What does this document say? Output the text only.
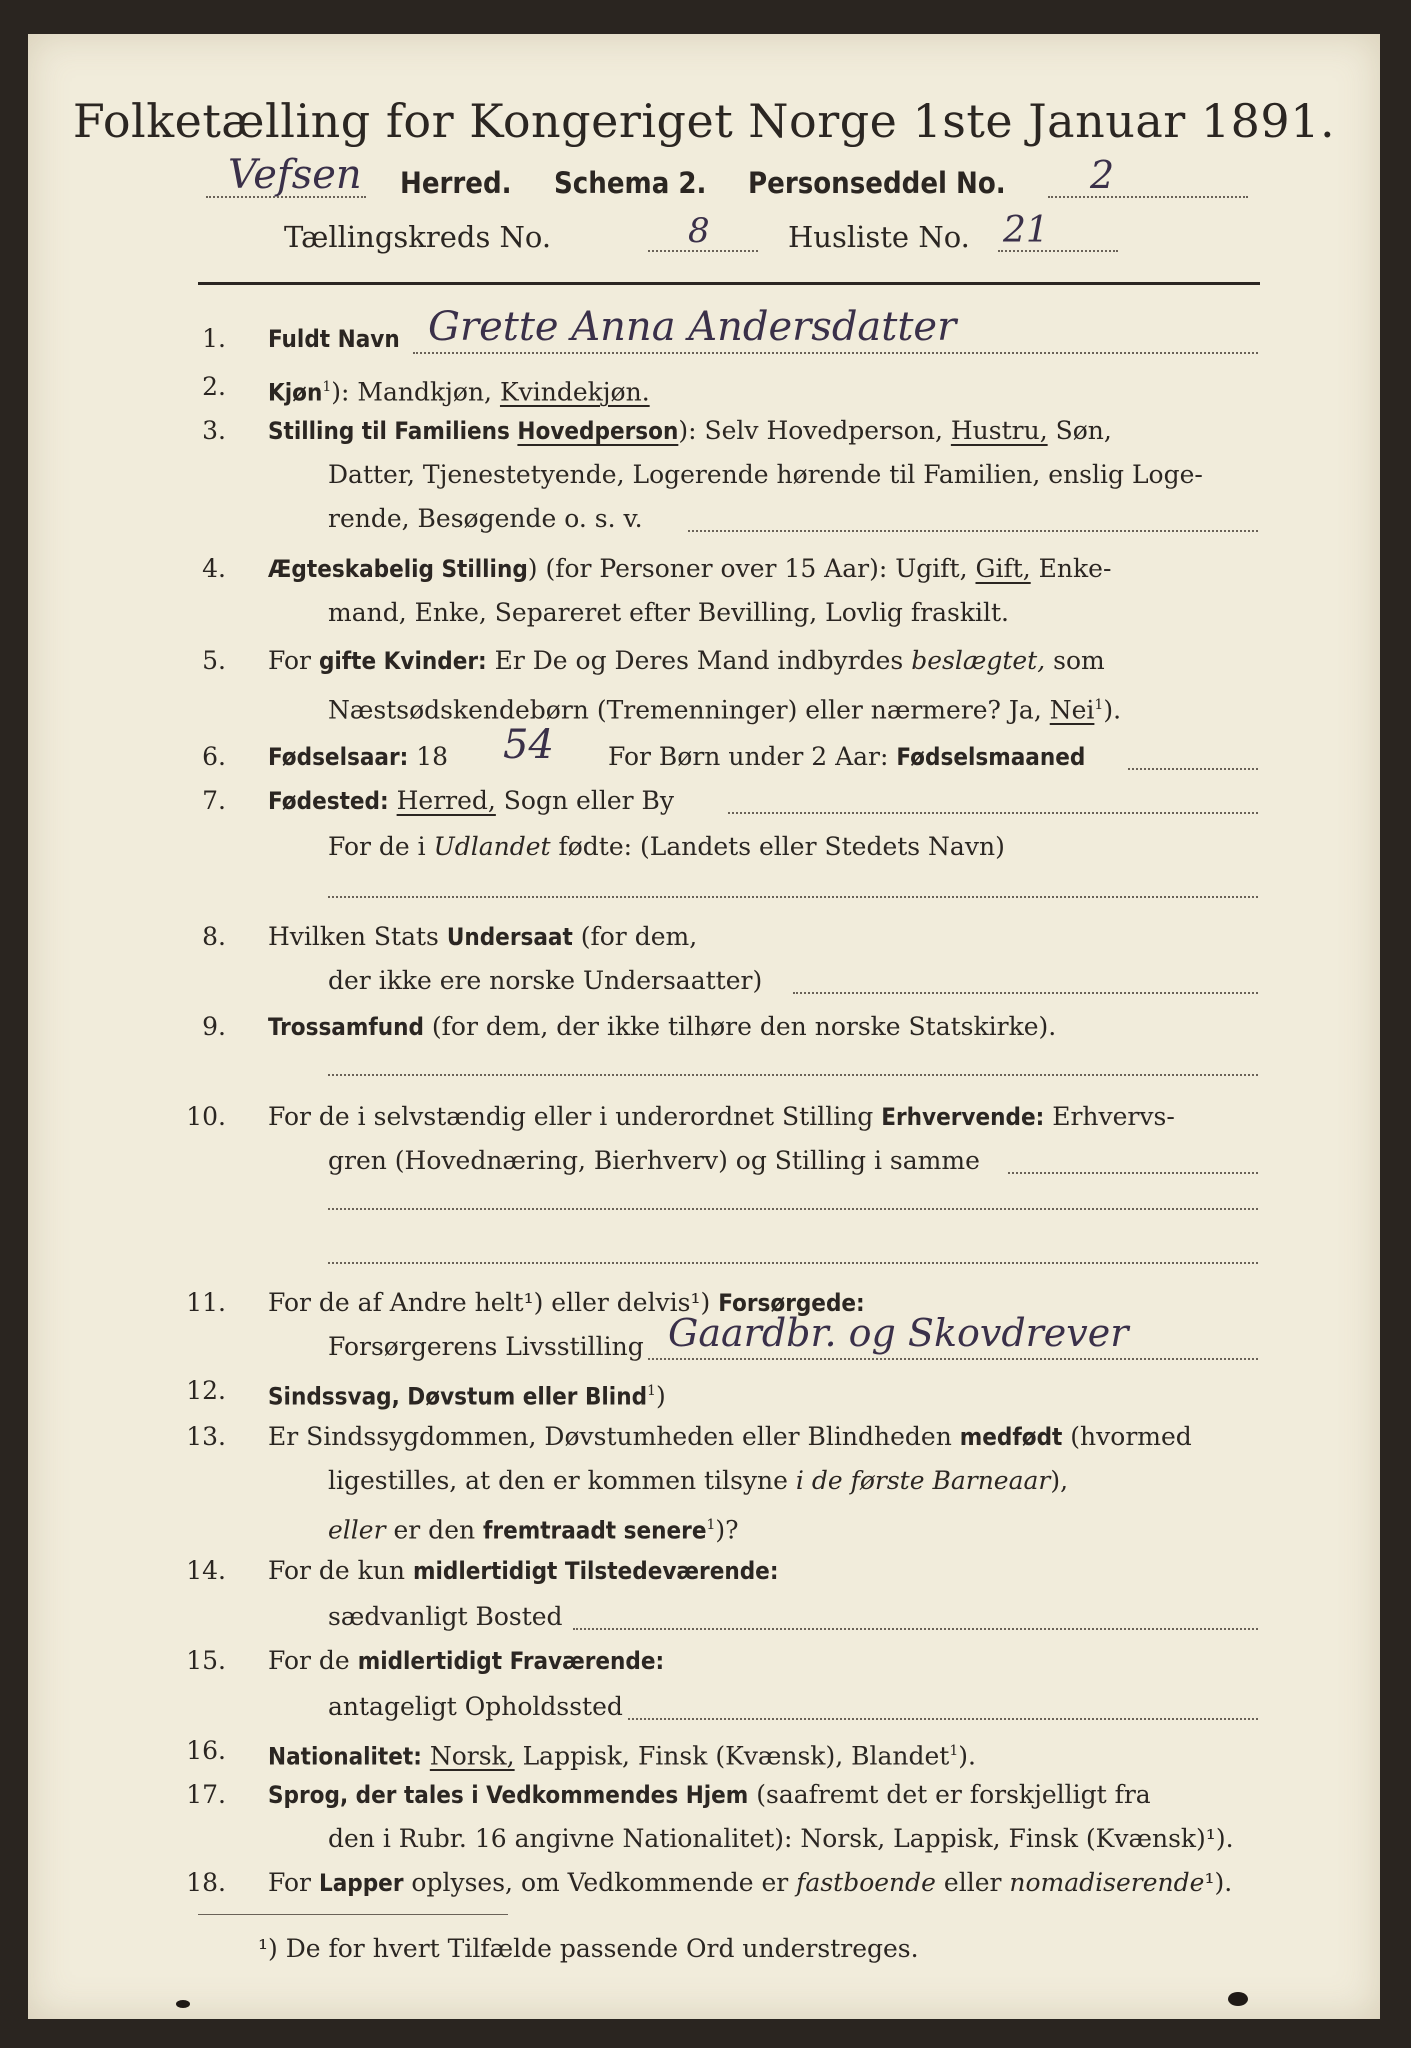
Folketælling for Kongeriget Norge 1ste Januar 1891.
Vefsen Herred. Schema 2. Personseddel No. 2
Tællingskreds No.	8	Husliste No. 21
1. Fuldt Navn Grette Anna Andersdatter
2. Kjøn$^1$): Mandkjøn, Kvindekjøn.
3. Stilling til Familiens Hovedperson): Selv Hovedperson, Hustru, Søn,
Datter, Tjenestetyende, Logerende hørende til Familien, enslig Loge-
rende, Besøgende o. s. v.
4. Ægteskabelig Stilling) (for Personer over 15 Aar): Ugift, Gift, Enke-
mand, Enke, Separeret efter Bevilling, Lovlig fraskilt.
5. For gifte Kvinder: Er De og Deres Mand indbyrdes beslægtet, som
Næstsødskendebørn (Tremenninger) eller nærmere? Ja, Nei$^1$).
6. Fødselsaar: 18 54 For Børn under 2 Aar: Fødselsmaaned
7. Fødested: Herred, Sogn eller By
For de i Udlandet fødte: (Landets eller Stedets Navn)
8. Hvilken Stats Undersaat (for dem,
der ikke ere norske Undersaatter)
9. Trossamfund (for dem, der ikke tilhøre den norske Statskirke).
10. For de i selvstændig eller i underordnet Stilling Erhvervende: Erhvervs-
gren (Hovednæring, Bierhverv) og Stilling i samme
11. For de af Andre helt¹) eller delvis¹) Forsørgede:
Forsørgerens Livsstilling Gaardbr. og Skovdrever
12. Sindssvag, Døvstum eller Blind$^1$)
13. Er Sindssygdommen, Døvstumheden eller Blindheden medfødt (hvormed
ligestilles, at den er kommen tilsyne i de første Barneaar),
eller er den fremtraadt senere$^1$)?
14. For de kun midlertidigt Tilstedeværende:
sædvanligt Bosted
15. For de midlertidigt Fraværende:
antageligt Opholdssted
16. Nationalitet: Norsk, Lappisk, Finsk (Kvænsk), Blandet$^1$).
17. Sprog, der tales i Vedkommendes Hjem (saafremt det er forskjelligt fra
den i Rubr. 16 angivne Nationalitet): Norsk, Lappisk, Finsk (Kvænsk)¹).
18. For Lapper oplyses, om Vedkommende er fastboende eller nomadiserende¹).
¹) De for hvert Tilfælde passende Ord understreges.
